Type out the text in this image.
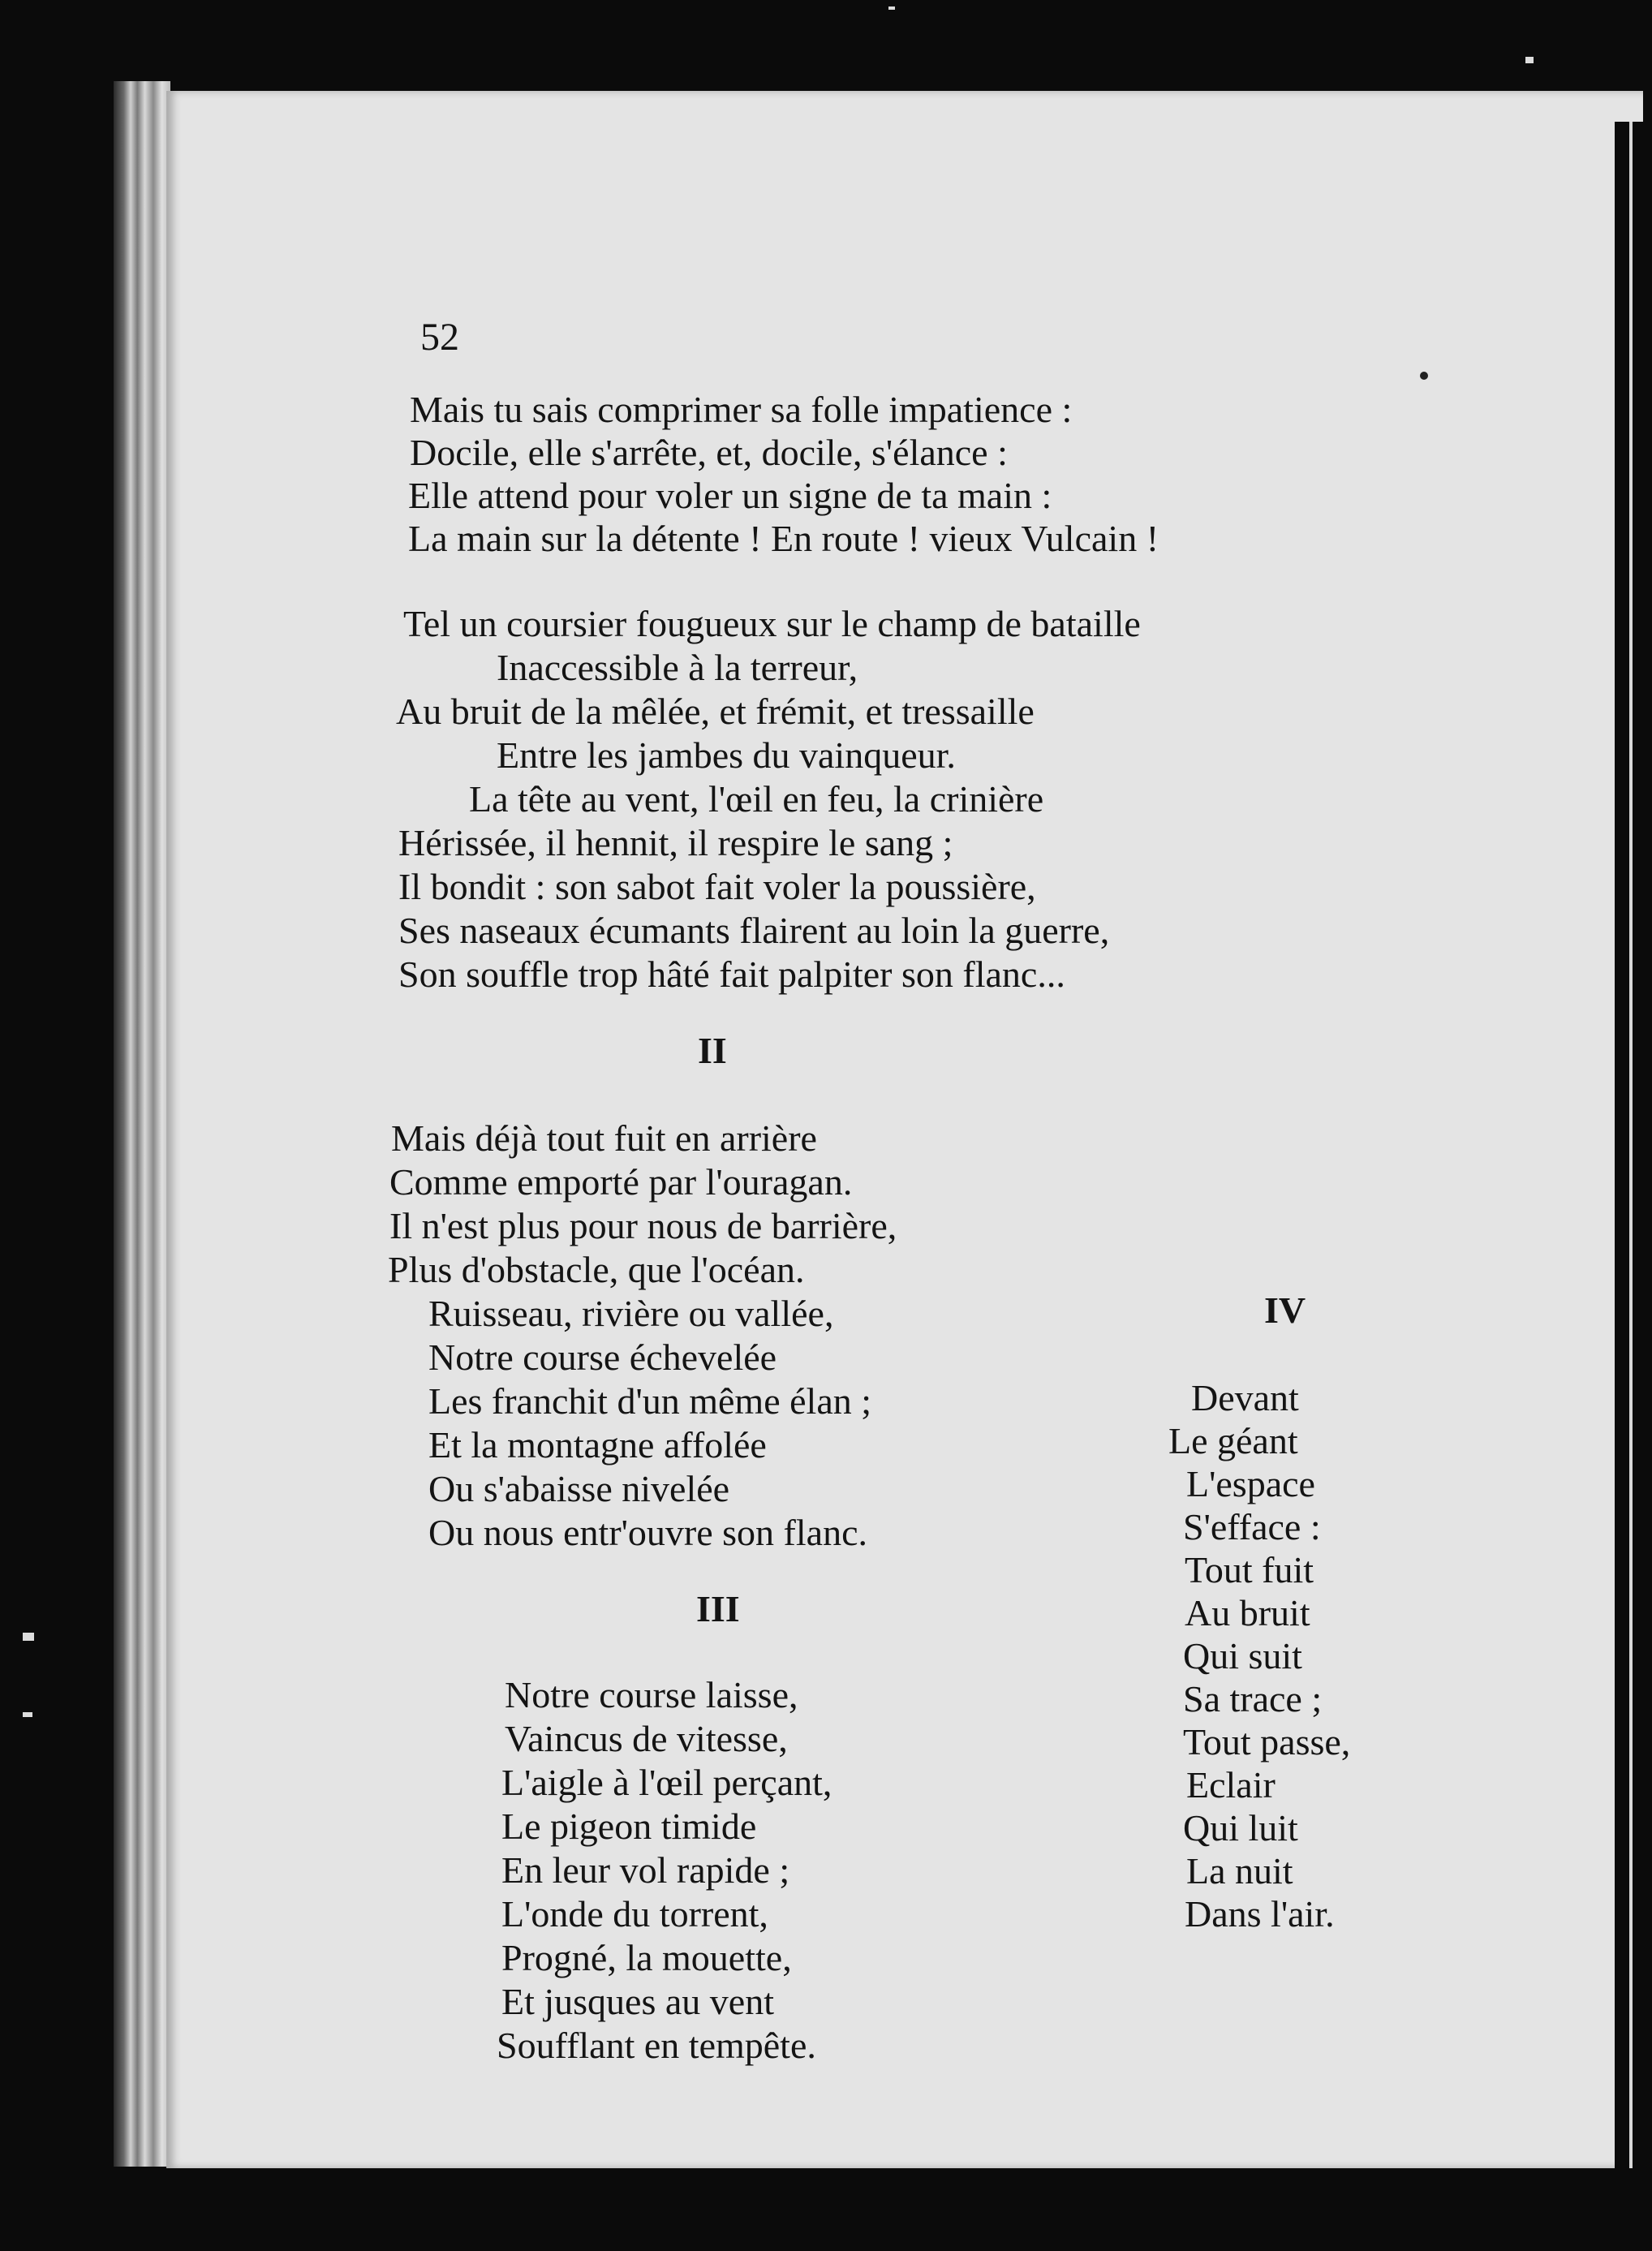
52
Mais tu sais comprimer sa folle impatience :
Docile, elle s'arrête, et, docile, s'élance :
Elle attend pour voler un signe de ta main :
La main sur la détente ! En route ! vieux Vulcain !
Tel un coursier fougueux sur le champ de bataille
Inaccessible à la terreur,
Au bruit de la mêlée, et frémit, et tressaille
Entre les jambes du vainqueur.
La tête au vent, l'œil en feu, la crinière
Hérissée, il hennit, il respire le sang ;
Il bondit : son sabot fait voler la poussière,
Ses naseaux écumants flairent au loin la guerre,
Son souffle trop hâté fait palpiter son flanc...
II
Mais déjà tout fuit en arrière
Comme emporté par l'ouragan.
Il n'est plus pour nous de barrière,
Plus d'obstacle, que l'océan.
Ruisseau, rivière ou vallée,
Notre course échevelée
Les franchit d'un même élan ;
Et la montagne affolée
Ou s'abaisse nivelée
Ou nous entr'ouvre son flanc.
III
Notre course laisse,
Vaincus de vitesse,
L'aigle à l'œil perçant,
Le pigeon timide
En leur vol rapide ;
L'onde du torrent,
Progné, la mouette,
Et jusques au vent
Soufflant en tempête.
IV
Devant
Le géant
L'espace
S'efface :
Tout fuit
Au bruit
Qui suit
Sa trace ;
Tout passe,
Eclair
Qui luit
La nuit
Dans l'air.
